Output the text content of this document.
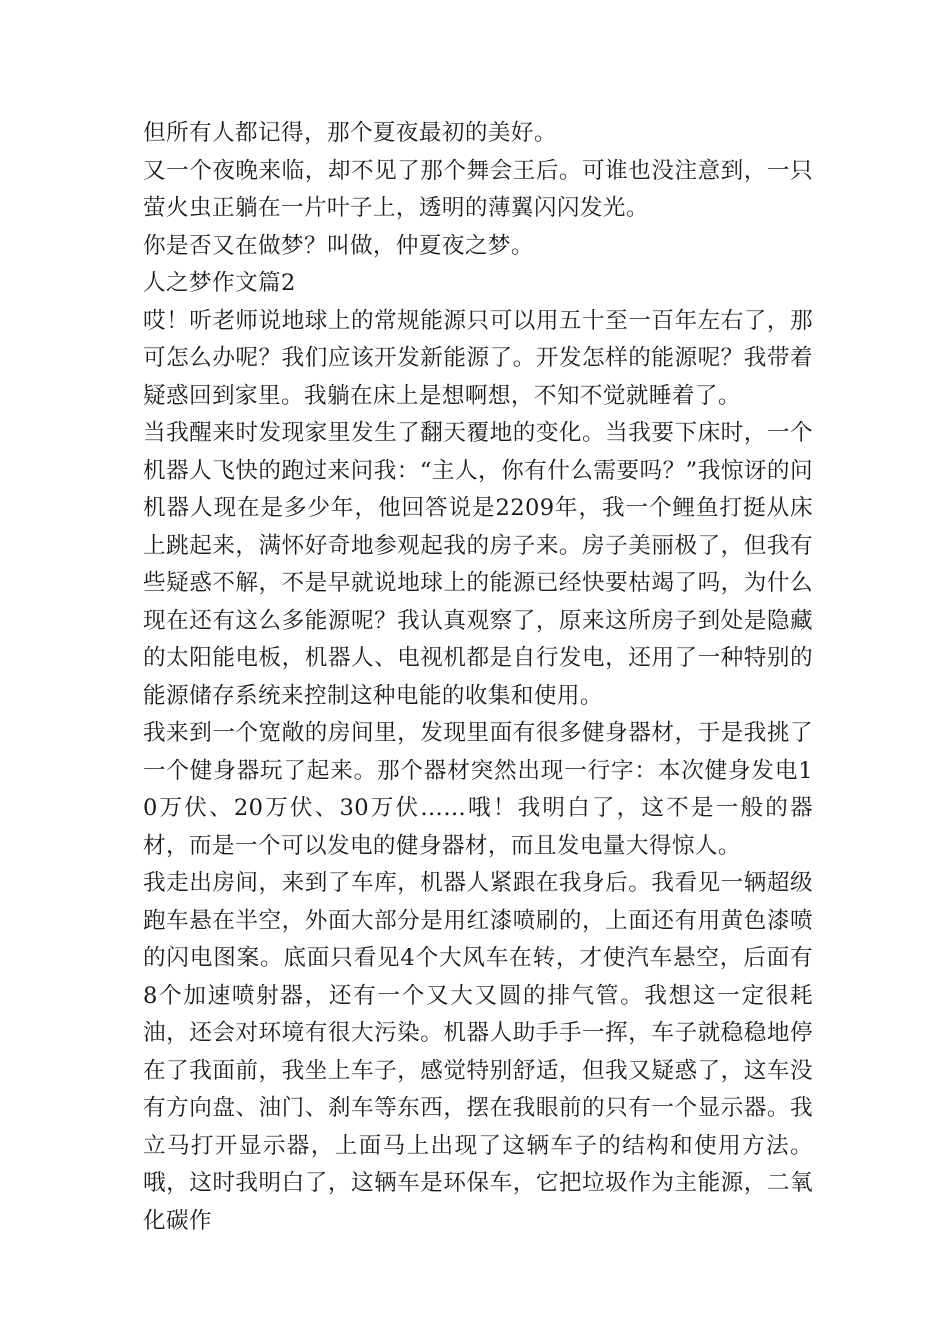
但所有人都记得，那个夏夜最初的美好。

又一个夜晚来临，却不见了那个舞会王后。可谁也没注意到，一只萤火虫正躺在一片叶子上，透明的薄翼闪闪发光。

你是否又在做梦？叫做，仲夏夜之梦。

人之梦作文篇2

哎！听老师说地球上的常规能源只可以用五十至一百年左右了，那可怎么办呢？我们应该开发新能源了。开发怎样的能源呢？我带着疑惑回到家里。我躺在床上是想啊想，不知不觉就睡着了。

当我醒来时发现家里发生了翻天覆地的变化。当我要下床时，一个机器人飞快的跑过来问我：“主人，你有什么需要吗？”我惊讶的问机器人现在是多少年，他回答说是2209年，我一个鲤鱼打挺从床上跳起来，满怀好奇地参观起我的房子来。房子美丽极了，但我有些疑惑不解，不是早就说地球上的能源已经快要枯竭了吗，为什么现在还有这么多能源呢？我认真观察了，原来这所房子到处是隐藏的太阳能电板，机器人、电视机都是自行发电，还用了一种特别的能源储存系统来控制这种电能的收集和使用。

我来到一个宽敞的房间里，发现里面有很多健身器材，于是我挑了一个健身器玩了起来。那个器材突然出现一行字：本次健身发电10万伏、20万伏、30万伏……哦！我明白了，这不是一般的器材，而是一个可以发电的健身器材，而且发电量大得惊人。

我走出房间，来到了车库，机器人紧跟在我身后。我看见一辆超级跑车悬在半空，外面大部分是用红漆喷刷的，上面还有用黄色漆喷的闪电图案。底面只看见4个大风车在转，才使汽车悬空，后面有8个加速喷射器，还有一个又大又圆的排气管。我想这一定很耗油，还会对环境有很大污染。机器人助手手一挥，车子就稳稳地停在了我面前，我坐上车子，感觉特别舒适，但我又疑惑了，这车没有方向盘、油门、刹车等东西，摆在我眼前的只有一个显示器。我立马打开显示器，上面马上出现了这辆车子的结构和使用方法。哦，这时我明白了，这辆车是环保车，它把垃圾作为主能源，二氧化碳作
